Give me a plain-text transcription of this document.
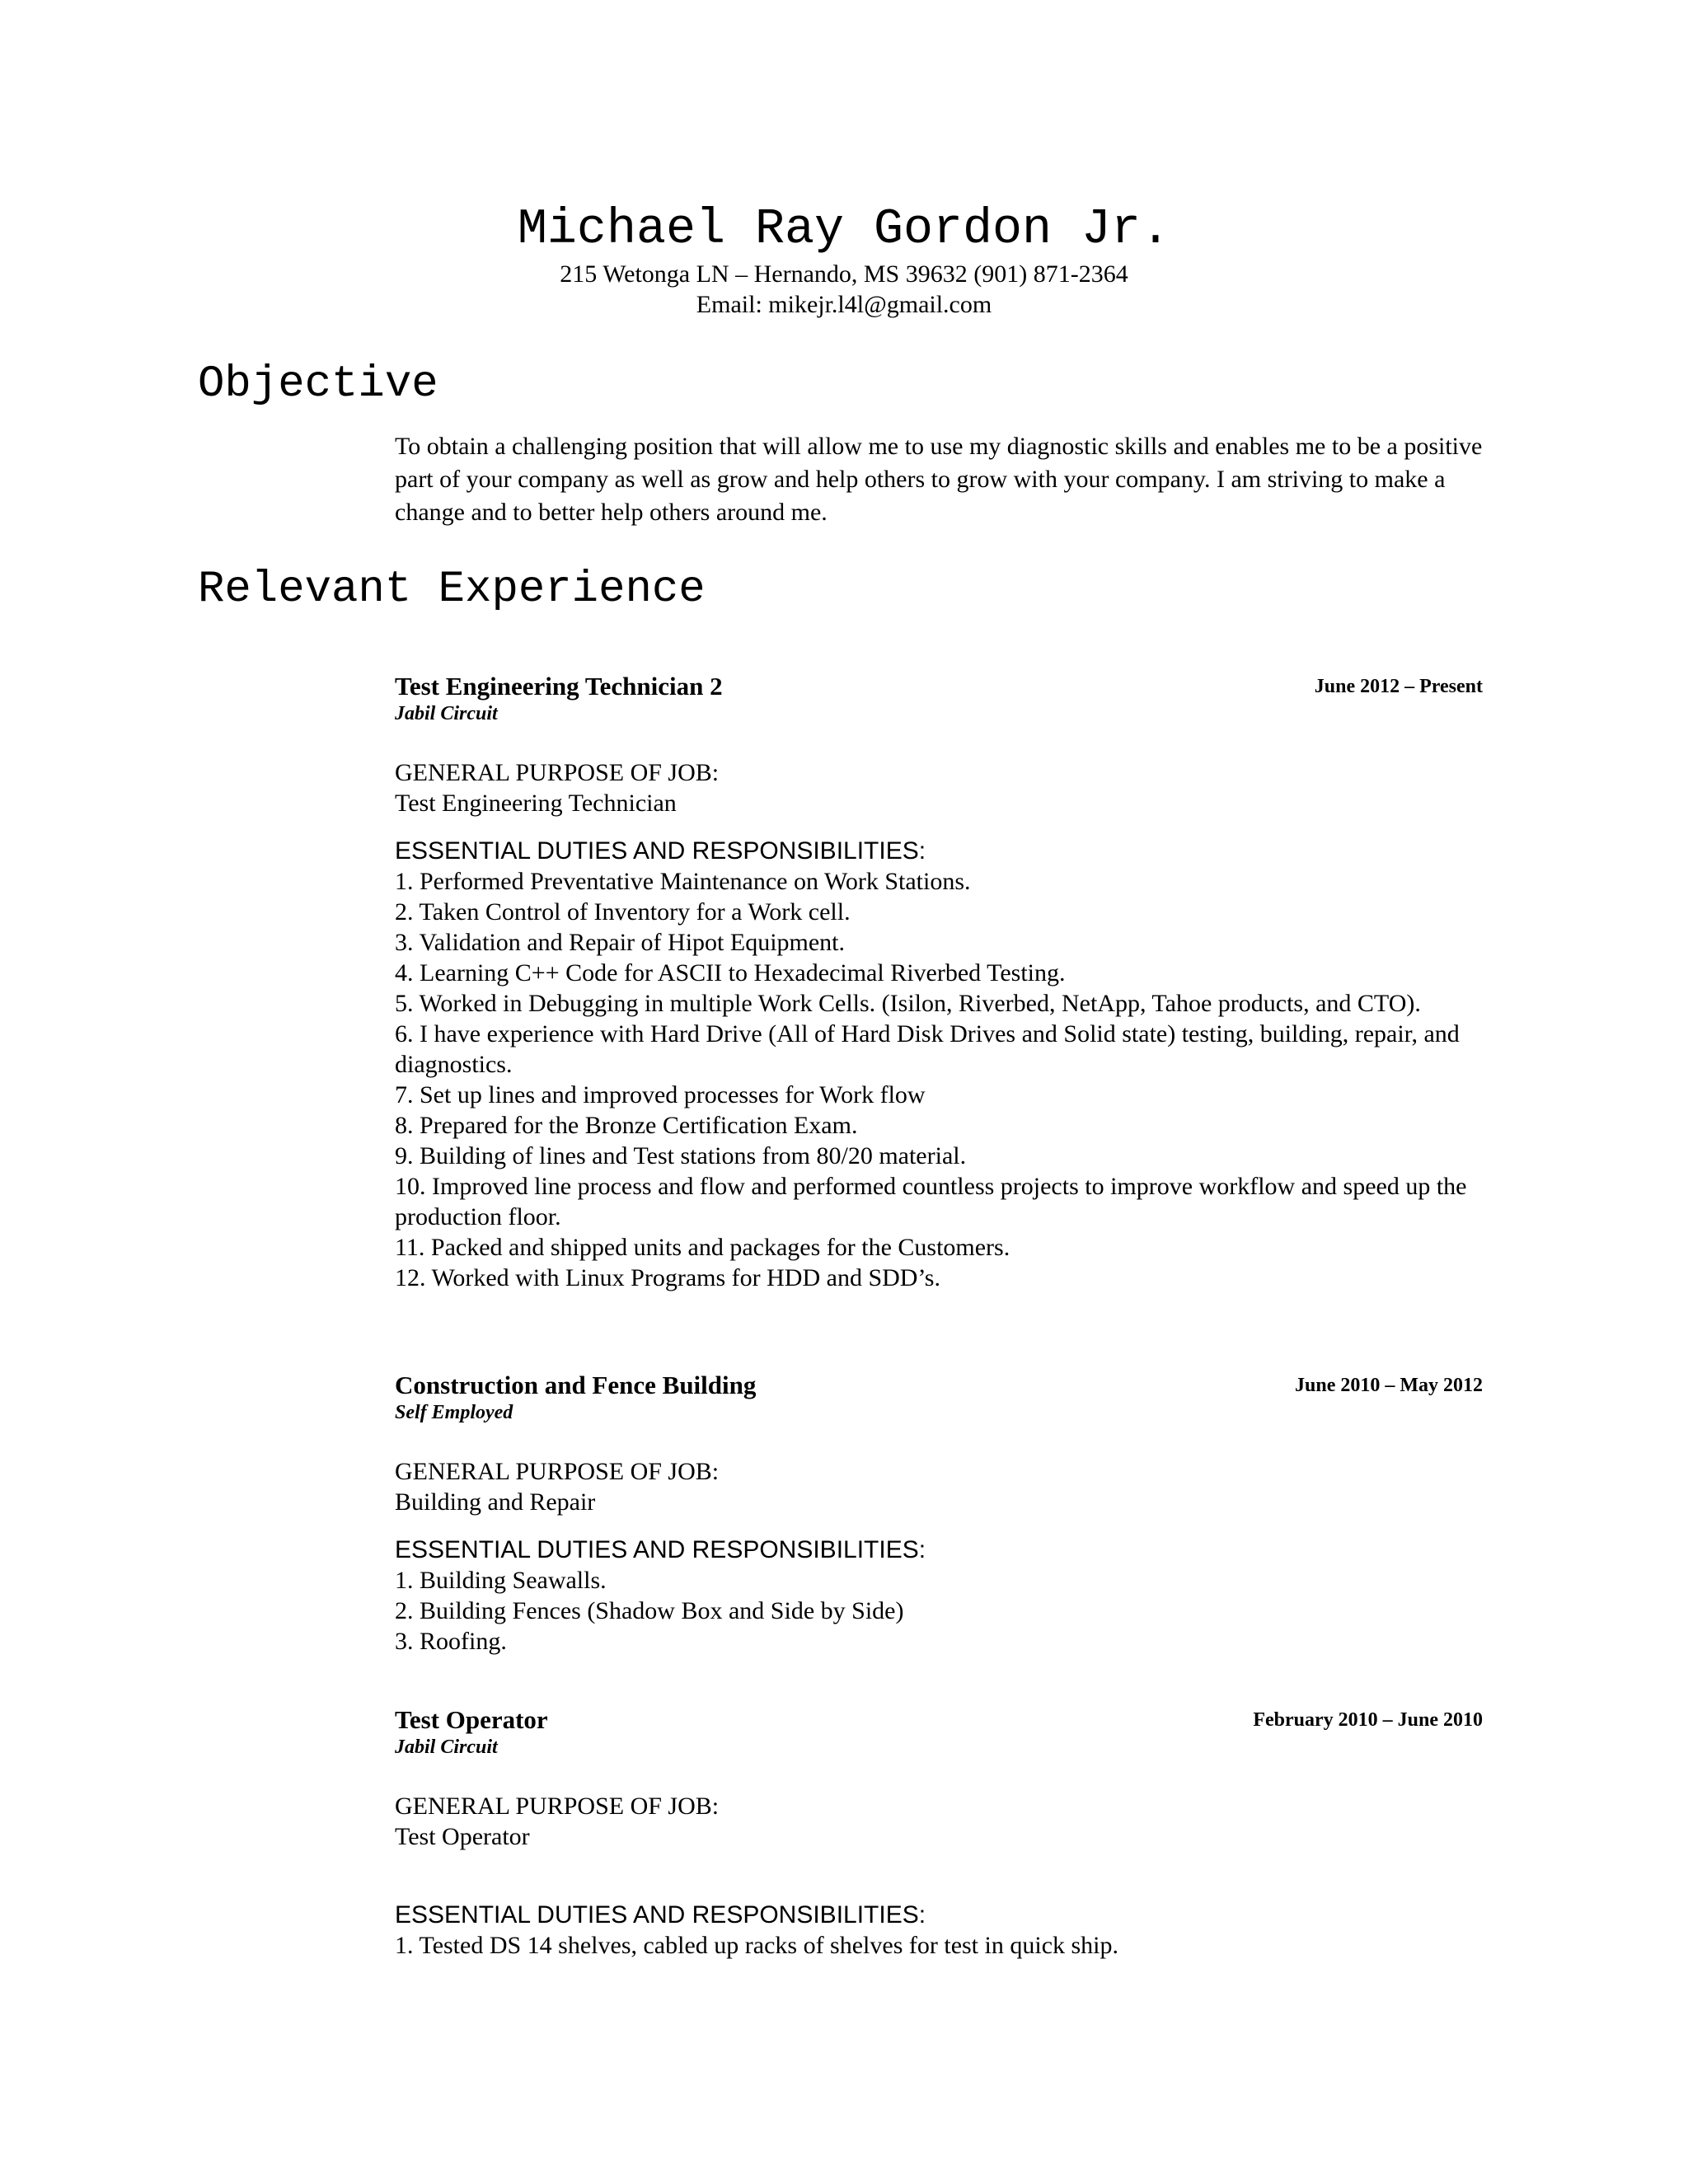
Michael Ray Gordon Jr.
215 Wetonga LN – Hernando, MS 39632 (901) 871-2364
Email: mikejr.l4l@gmail.com
Objective

To obtain a challenging position that will allow me to use my diagnostic skills and enables me to be a positive part of your company as well as grow and help others to grow with your company. I am striving to make a change and to better help others around me.

Relevant Experience
Test Engineering Technician 2	June 2012 – Present
Jabil Circuit
GENERAL PURPOSE OF JOB:
Test Engineering Technician
ESSENTIAL DUTIES AND RESPONSIBILITIES:
1. Performed Preventative Maintenance on Work Stations.
2. Taken Control of Inventory for a Work cell.
3. Validation and Repair of Hipot Equipment.
4. Learning C++ Code for ASCII to Hexadecimal Riverbed Testing.
5. Worked in Debugging in multiple Work Cells. (Isilon, Riverbed, NetApp, Tahoe products, and CTO).
6. I have experience with Hard Drive (All of Hard Disk Drives and Solid state) testing, building, repair, and diagnostics.
7. Set up lines and improved processes for Work flow
8. Prepared for the Bronze Certification Exam.
9. Building of lines and Test stations from 80/20 material.
10. Improved line process and flow and performed countless projects to improve workflow and speed up the production floor.
11. Packed and shipped units and packages for the Customers.
12. Worked with Linux Programs for HDD and SDD’s.
Construction and Fence Building	June 2010 – May 2012
Self Employed
GENERAL PURPOSE OF JOB:
Building and Repair
ESSENTIAL DUTIES AND RESPONSIBILITIES:
1. Building Seawalls.
2. Building Fences (Shadow Box and Side by Side)
3. Roofing.
Test Operator	February 2010 – June 2010
Jabil Circuit
GENERAL PURPOSE OF JOB:
Test Operator
ESSENTIAL DUTIES AND RESPONSIBILITIES:
1. Tested DS 14 shelves, cabled up racks of shelves for test in quick ship.
